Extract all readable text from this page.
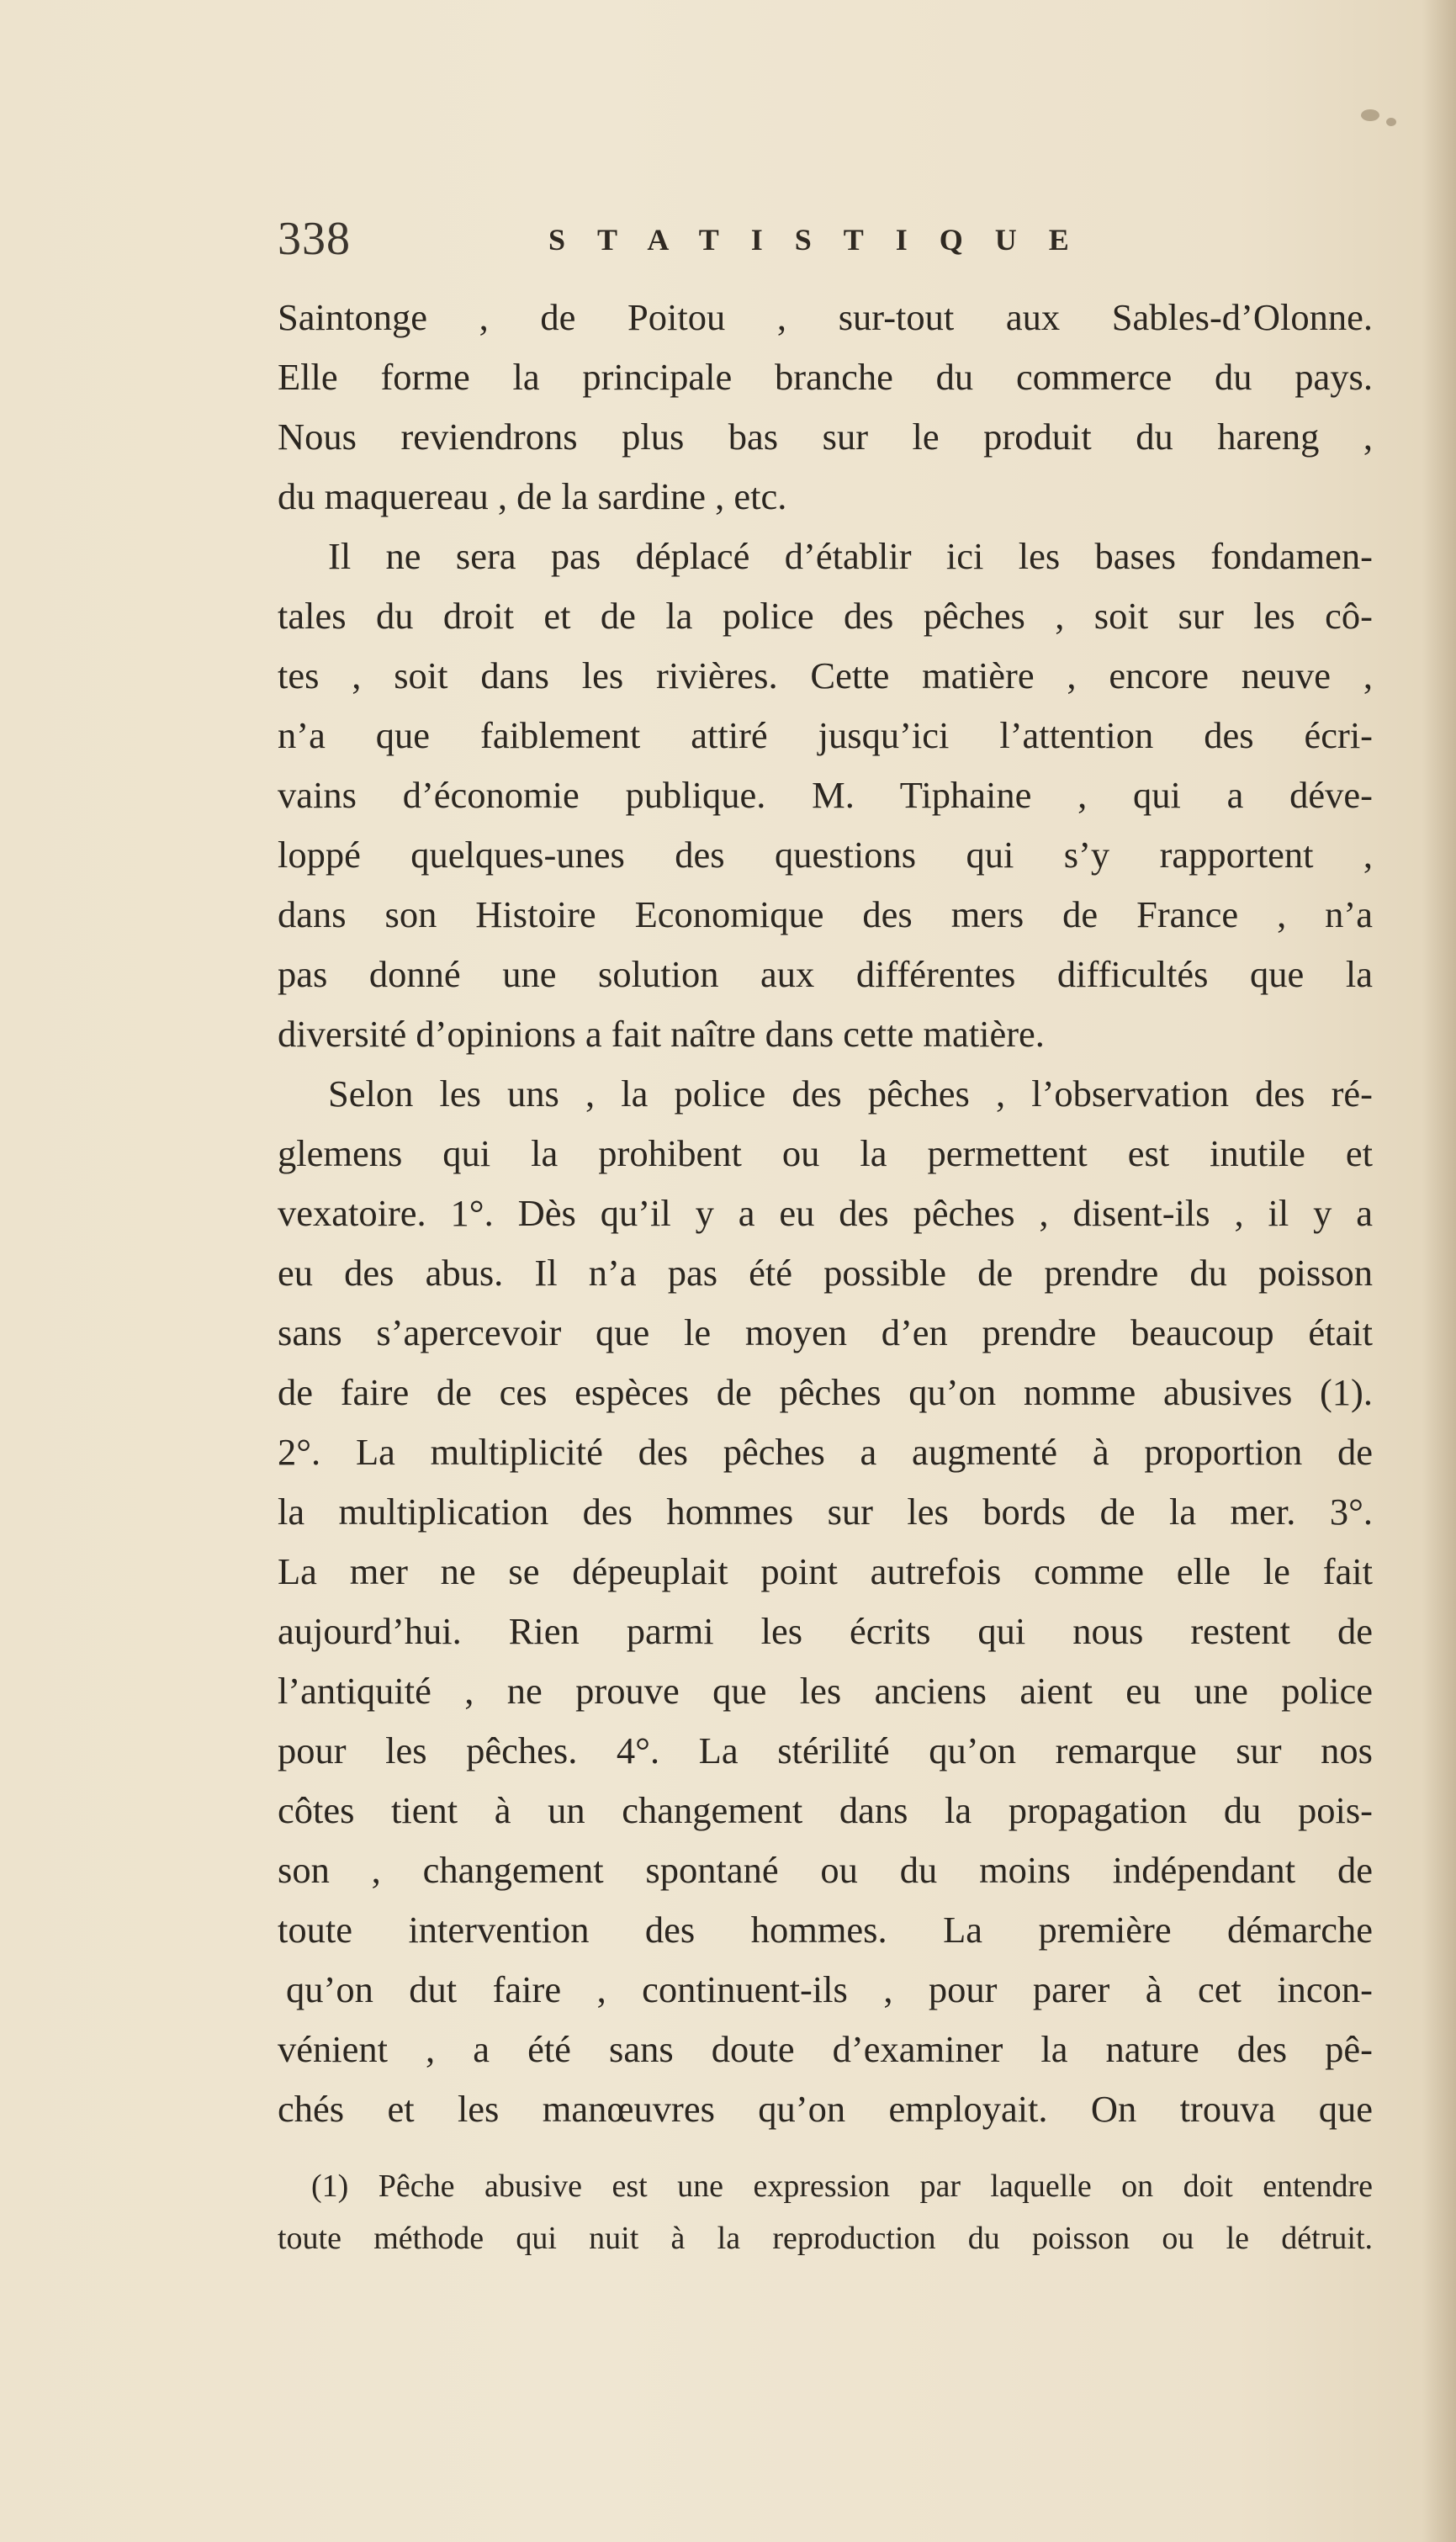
338	STATISTIQUE
Saintonge , de Poitou , sur-tout aux Sables-d’Olonne.
Elle forme la principale branche du commerce du pays.
Nous reviendrons plus bas sur le produit du hareng ,
du maquereau , de la sardine , etc.
Il ne sera pas déplacé d’établir ici les bases fondamen-
tales du droit et de la police des pêches , soit sur les cô-
tes , soit dans les rivières. Cette matière , encore neuve ,
n’a que faiblement attiré jusqu’ici l’attention des écri-
vains d’économie publique. M. Tiphaine , qui a déve-
loppé quelques-unes des questions qui s’y rapportent ,
dans son Histoire Economique des mers de France , n’a
pas donné une solution aux différentes difficultés que la
diversité d’opinions a fait naître dans cette matière.
Selon les uns , la police des pêches , l’observation des ré-
glemens qui la prohibent ou la permettent est inutile et
vexatoire. 1°. Dès qu’il y a eu des pêches , disent-ils , il y a
eu des abus. Il n’a pas été possible de prendre du poisson
sans s’apercevoir que le moyen d’en prendre beaucoup était
de faire de ces espèces de pêches qu’on nomme abusives (1).
2°. La multiplicité des pêches a augmenté à proportion de
la multiplication des hommes sur les bords de la mer. 3°.
La mer ne se dépeuplait point autrefois comme elle le fait
aujourd’hui. Rien parmi les écrits qui nous restent de
l’antiquité , ne prouve que les anciens aient eu une police
pour les pêches. 4°. La stérilité qu’on remarque sur nos
côtes tient à un changement dans la propagation du pois-
son , changement spontané ou du moins indépendant de
toute intervention des hommes. La première démarche
qu’on dut faire , continuent-ils , pour parer à cet incon-
vénient , a été sans doute d’examiner la nature des pê-
chés et les manœuvres qu’on employait. On trouva que
(1) Pêche abusive est une expression par laquelle on doit entendre
toute méthode qui nuit à la reproduction du poisson ou le détruit.
